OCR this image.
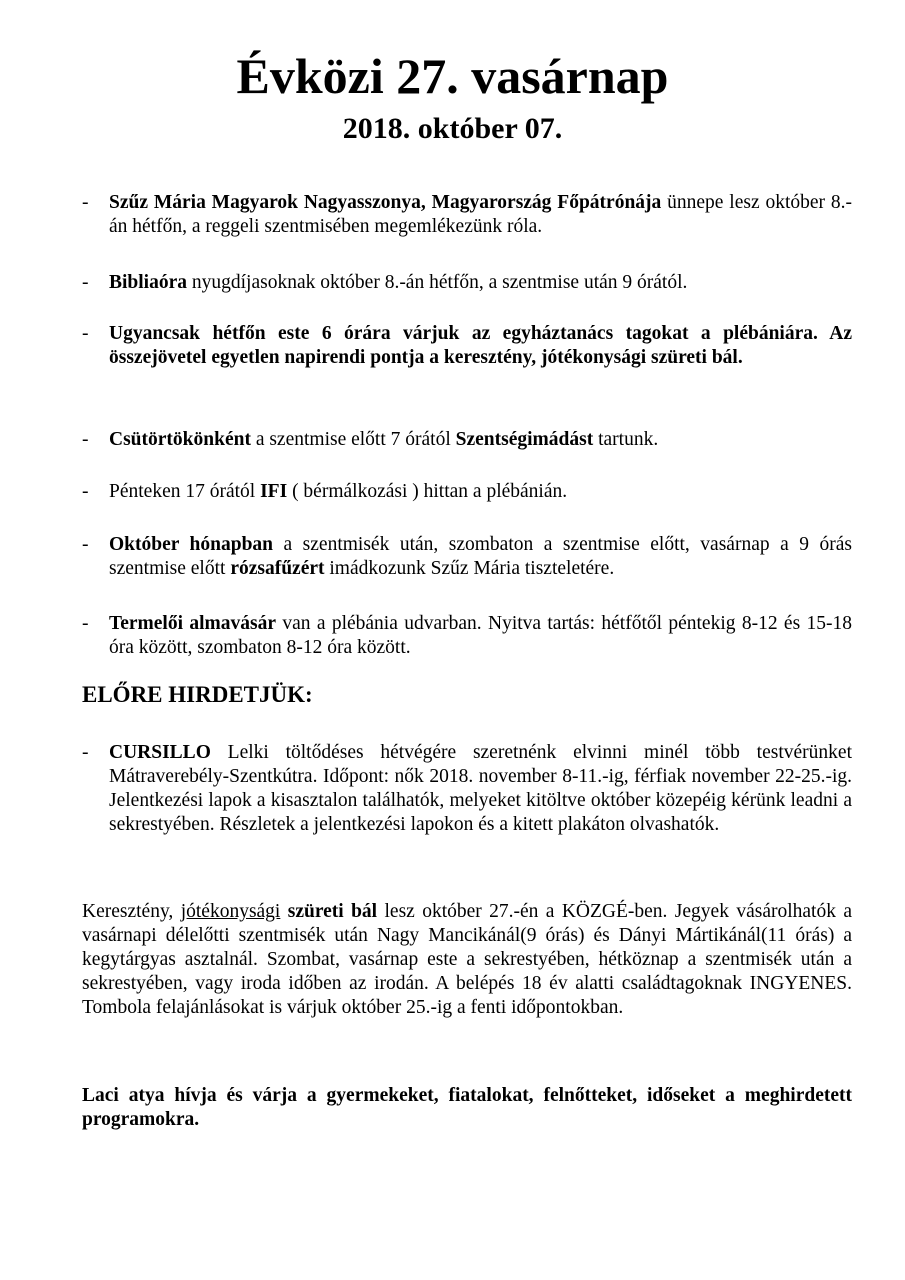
Évközi 27. vasárnap
2018. október 07.
- Szűz Mária Magyarok Nagyasszonya, Magyarország Főpátrónája ünnepe lesz október 8.-án hétfőn, a reggeli szentmisében megemlékezünk róla.
- Bibliaóra nyugdíjasoknak október 8.-án hétfőn, a szentmise után 9 órától.
- Ugyancsak hétfőn este 6 órára várjuk az egyháztanács tagokat a plébániára. Az összejövetel egyetlen napirendi pontja a keresztény, jótékonysági szüreti bál.
- Csütörtökönként a szentmise előtt 7 órától Szentségimádást tartunk.
- Pénteken 17 órától IFI ( bérmálkozási ) hittan a plébánián.
- Október hónapban a szentmisék után, szombaton a szentmise előtt, vasárnap a 9 órás szentmise előtt rózsafűzért imádkozunk Szűz Mária tiszteletére.
- Termelői almavásár van a plébánia udvarban. Nyitva tartás: hétfőtől péntekig 8-12 és 15-18 óra között, szombaton 8-12 óra között.
ELŐRE HIRDETJÜK:
- CURSILLO Lelki töltődéses hétvégére szeretnénk elvinni minél több testvérünket Mátraverebély-Szentkútra. Időpont: nők 2018. november 8-11.-ig, férfiak november 22-25.-ig. Jelentkezési lapok a kisasztalon találhatók, melyeket kitöltve október közepéig kérünk leadni a sekrestyében. Részletek a jelentkezési lapokon és a kitett plakáton olvashatók.
Keresztény, jótékonysági szüreti bál lesz október 27.-én a KÖZGÉ-ben. Jegyek vásárolhatók a vasárnapi délelőtti szentmisék után Nagy Mancikánál(9 órás) és Dányi Mártikánál(11 órás) a kegytárgyas asztalnál. Szombat, vasárnap este a sekrestyében, hétköznap a szentmisék után a sekrestyében, vagy iroda időben az irodán. A belépés 18 év alatti családtagoknak INGYENES. Tombola felajánlásokat is várjuk október 25.-ig a fenti időpontokban.
Laci atya hívja és várja a gyermekeket, fiatalokat, felnőtteket, időseket a meghirdetett programokra.
